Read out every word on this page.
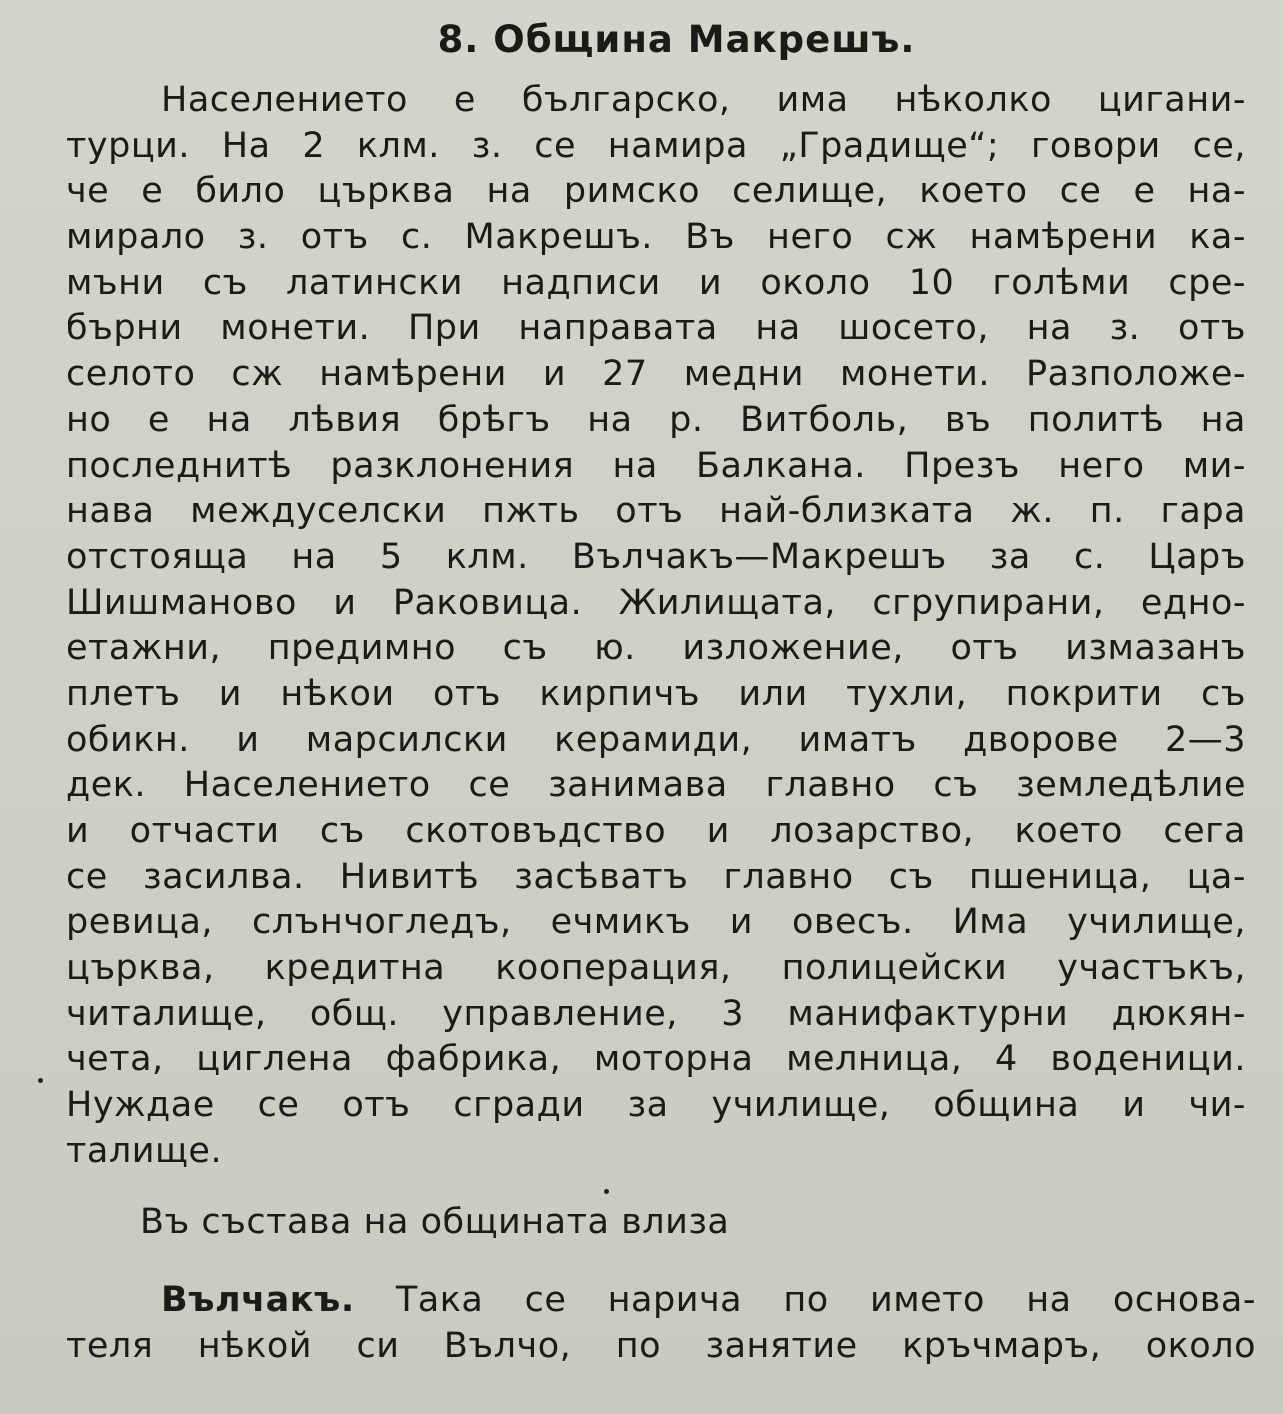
8. Община Макрешъ.
Населението е българско, има нѣколко цигани-
турци. На 2 клм. з. се намира „Градище“; говори се,
че е било църква на римско селище, което се е на-
мирало з. отъ с. Макрешъ. Въ него сж намѣрени ка-
мъни съ латински надписи и около 10 голѣми сре-
бърни монети. При направата на шосето, на з. отъ
селото сж намѣрени и 27 медни монети. Разположе-
но е на лѣвия брѣгъ на р. Витболь, въ политѣ на
последнитѣ разклонения на Балкана. Презъ него ми-
нава междуселски пжть отъ най-близката ж. п. гара
отстояща на 5 клм. Вълчакъ—Макрешъ за с. Царъ
Шишманово и Раковица. Жилищата, сгрупирани, едно-
етажни, предимно съ ю. изложение, отъ измазанъ
плетъ и нѣкои отъ кирпичъ или тухли, покрити съ
обикн. и марсилски керамиди, иматъ дворове 2—3
дек. Населението се занимава главно съ земледѣлие
и отчасти съ скотовъдство и лозарство, което сега
се засилва. Нивитѣ засѣватъ главно съ пшеница, ца-
ревица, слънчогледъ, ечмикъ и овесъ. Има училище,
църква, кредитна кооперация, полицейски участъкъ,
читалище, общ. управление, 3 манифактурни дюкян-
чета, циглена фабрика, моторна мелница, 4 воденици.
Нуждае се отъ сгради за училище, община и чи-
талище.
Въ състава на общината влиза
Вълчакъ. Така се нарича по името на основа-
теля нѣкой си Вълчо, по занятие кръчмаръ, около
